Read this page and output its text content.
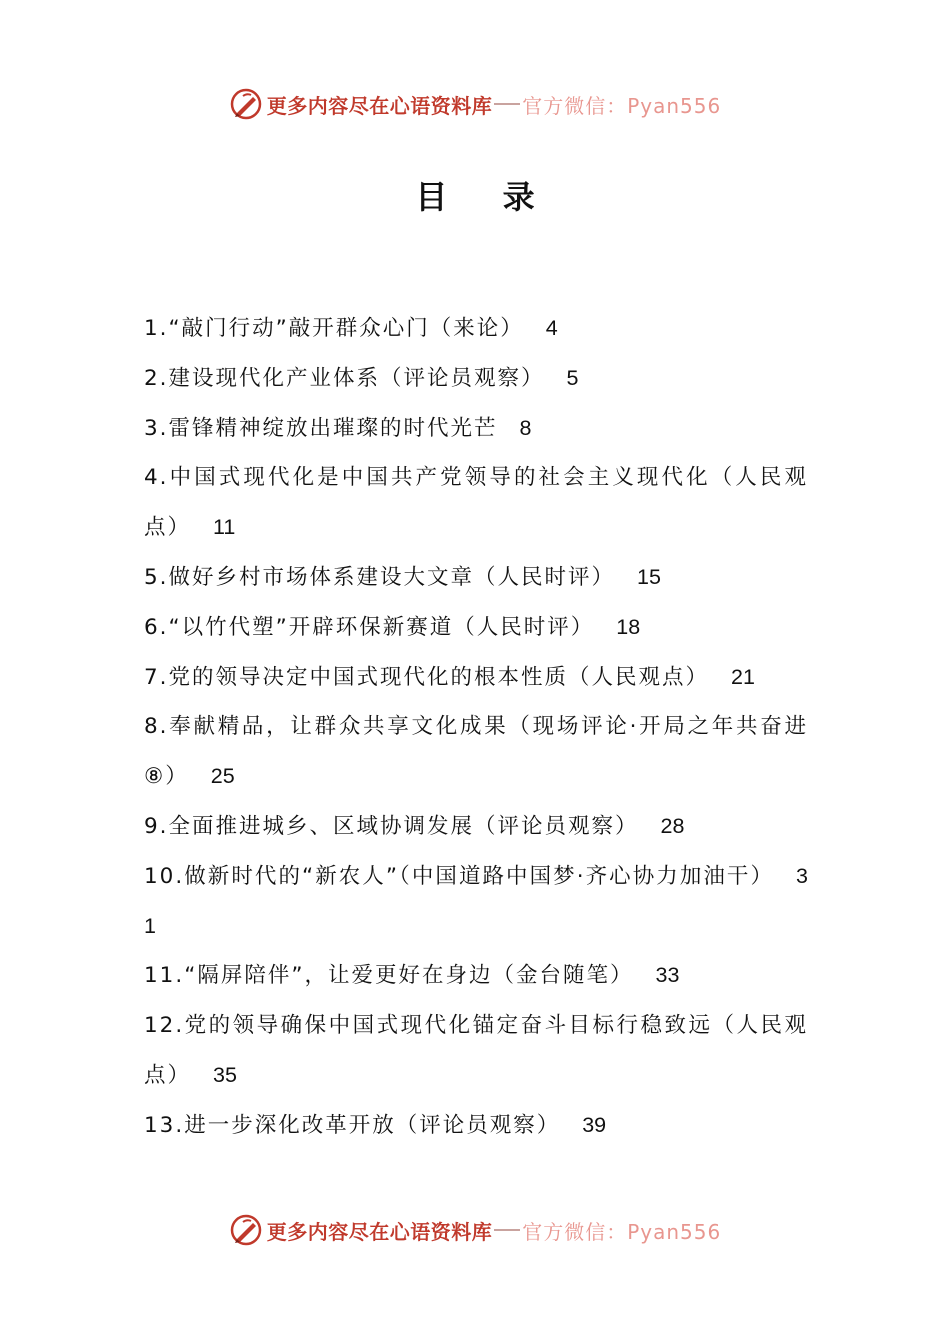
更多内容尽在心语资料库 官方微信：Pyan556
目 录
1.“敲门行动”敲开群众心门（来论） 4
2.建设现代化产业体系（评论员观察） 5
3.雷锋精神绽放出璀璨的时代光芒 8
4.中国式现代化是中国共产党领导的社会主义现代化（人民观点） 11
5.做好乡村市场体系建设大文章（人民时评） 15
6.“以竹代塑”开辟环保新赛道（人民时评） 18
7.党的领导决定中国式现代化的根本性质（人民观点） 21
8.奉献精品，让群众共享文化成果（现场评论·开局之年共奋进⑧） 25
9.全面推进城乡、区域协调发展（评论员观察） 28
10.做新时代的“新农人”（中国道路中国梦·齐心协力加油干） 31
11.“隔屏陪伴”，让爱更好在身边（金台随笔） 33
12.党的领导确保中国式现代化锚定奋斗目标行稳致远（人民观点） 35
13.进一步深化改革开放（评论员观察） 39
更多内容尽在心语资料库 官方微信：Pyan556
